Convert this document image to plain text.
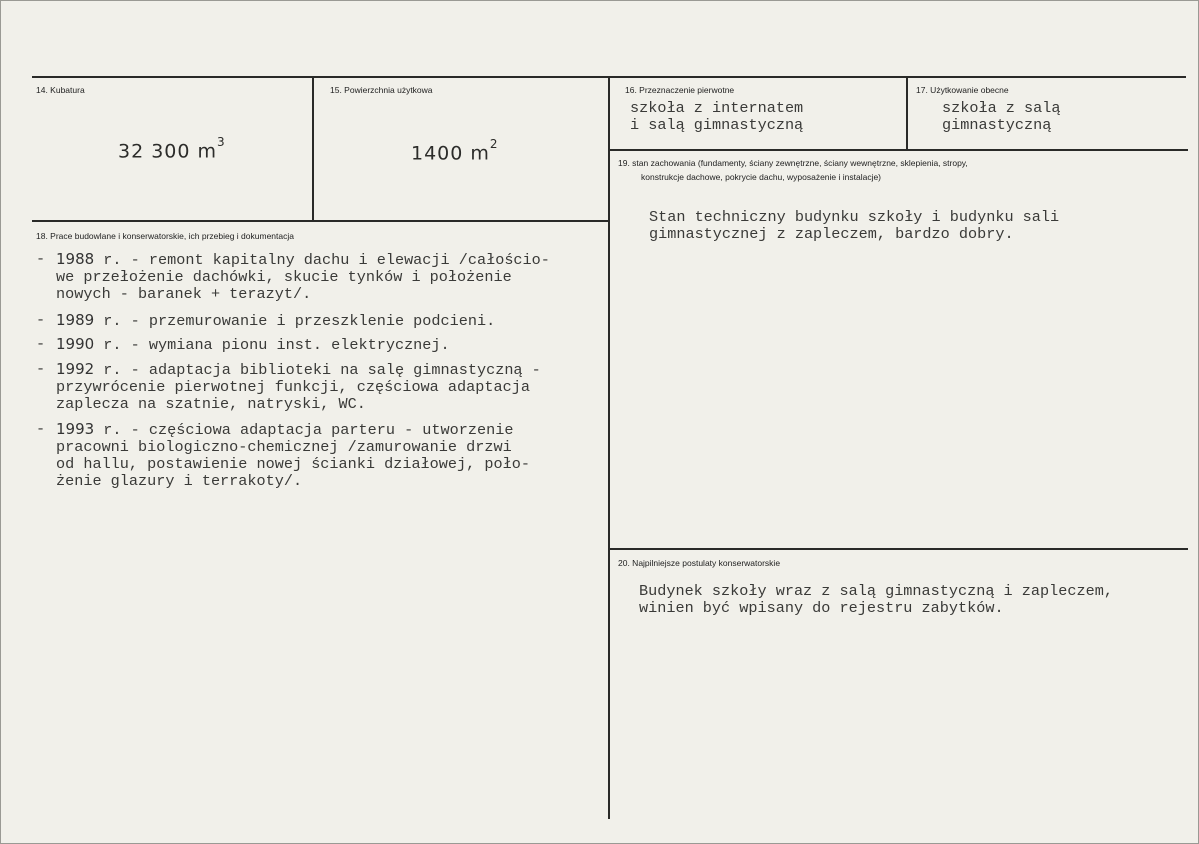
14. Kubatura
32 300 $m^3$
15. Powierzchnia użytkowa
1400 $m^2$
16. Przeznaczenie pierwotne
szkoła z internatem
i salą gimnastyczną
17. Użytkowanie obecne
szkoła z salą
gimnastyczną
18. Prace budowlane i konserwatorskie, ich przebieg i dokumentacja
- 1988 r. - remont kapitalny dachu i elewacji /całościo-
we przełożenie dachówki, skucie tynków i położenie
nowych - baranek + terazyt/.
- 1989 r. - przemurowanie i przeszklenie podcieni.
- 1990 r. - wymiana pionu inst. elektrycznej.
- 1992 r. - adaptacja biblioteki na salę gimnastyczną -
przywrócenie pierwotnej funkcji, częściowa adaptacja
zaplecza na szatnie, natryski, WC.
- 1993 r. - częściowa adaptacja parteru - utworzenie
pracowni biologiczno-chemicznej /zamurowanie drzwi
od hallu, postawienie nowej ścianki działowej, poło-
żenie glazury i terrakoty/.
19. stan zachowania (fundamenty, ściany zewnętrzne, ściany wewnętrzne, sklepienia, stropy,
konstrukcje dachowe, pokrycie dachu, wyposażenie i instalacje)
Stan techniczny budynku szkoły i budynku sali
gimnastycznej z zapleczem, bardzo dobry.
20. Najpilniejsze postulaty konserwatorskie
Budynek szkoły wraz z salą gimnastyczną i zapleczem,
winien być wpisany do rejestru zabytków.
